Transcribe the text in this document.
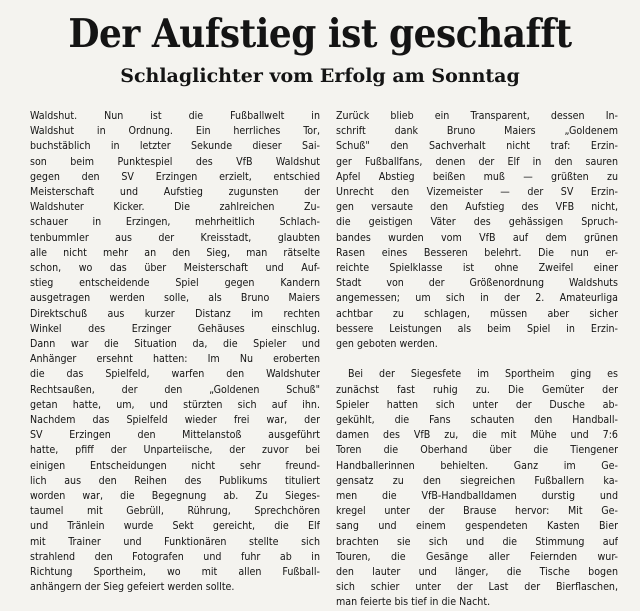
Der Aufstieg ist geschafft
Schlaglichter vom Erfolg am Sonntag
Waldshut. Nun ist die Fußballwelt in
Waldshut in Ordnung. Ein herrliches Tor,
buchstäblich in letzter Sekunde dieser Sai-
son beim Punktespiel des VfB Waldshut
gegen den SV Erzingen erzielt, entschied
Meisterschaft und Aufstieg zugunsten der
Waldshuter Kicker. Die zahlreichen Zu-
schauer in Erzingen, mehrheitlich Schlach-
tenbummler aus der Kreisstadt, glaubten
alle nicht mehr an den Sieg, man rätselte
schon, wo das über Meisterschaft und Auf-
stieg entscheidende Spiel gegen Kandern
ausgetragen werden solle, als Bruno Maiers
Direktschuß aus kurzer Distanz im rechten
Winkel des Erzinger Gehäuses einschlug.
Dann war die Situation da, die Spieler und
Anhänger ersehnt hatten: Im Nu eroberten
die das Spielfeld, warfen den Waldshuter
Rechtsaußen, der den „Goldenen Schuß"
getan hatte, um, und stürzten sich auf ihn.
Nachdem das Spielfeld wieder frei war, der
SV Erzingen den Mittelanstoß ausgeführt
hatte, pfiff der Unparteiische, der zuvor bei
einigen Entscheidungen nicht sehr freund-
lich aus den Reihen des Publikums tituliert
worden war, die Begegnung ab. Zu Sieges-
taumel mit Gebrüll, Rührung, Sprechchören
und Tränlein wurde Sekt gereicht, die Elf
mit Trainer und Funktionären stellte sich
strahlend den Fotografen und fuhr ab in
Richtung Sportheim, wo mit allen Fußball-
anhängern der Sieg gefeiert werden sollte.
Zurück blieb ein Transparent, dessen In-
schrift dank Bruno Maiers „Goldenem
Schuß" den Sachverhalt nicht traf: Erzin-
ger Fußballfans, denen der Elf in den sauren
Apfel Abstieg beißen muß — grüßten zu
Unrecht den Vizemeister — der SV Erzin-
gen versaute den Aufstieg des VFB nicht,
die geistigen Väter des gehässigen Spruch-
bandes wurden vom VfB auf dem grünen
Rasen eines Besseren belehrt. Die nun er-
reichte Spielklasse ist ohne Zweifel einer
Stadt von der Größenordnung Waldshuts
angemessen; um sich in der 2. Amateurliga
achtbar zu schlagen, müssen aber sicher
bessere Leistungen als beim Spiel in Erzin-
gen geboten werden.
Bei der Siegesfete im Sportheim ging es
zunächst fast ruhig zu. Die Gemüter der
Spieler hatten sich unter der Dusche ab-
gekühlt, die Fans schauten den Handball-
damen des VfB zu, die mit Mühe und 7:6
Toren die Oberhand über die Tiengener
Handballerinnen behielten. Ganz im Ge-
gensatz zu den siegreichen Fußballern ka-
men die VfB-Handballdamen durstig und
kregel unter der Brause hervor: Mit Ge-
sang und einem gespendeten Kasten Bier
brachten sie sich und die Stimmung auf
Touren, die Gesänge aller Feiernden wur-
den lauter und länger, die Tische bogen
sich schier unter der Last der Bierflaschen,
man feierte bis tief in die Nacht.
